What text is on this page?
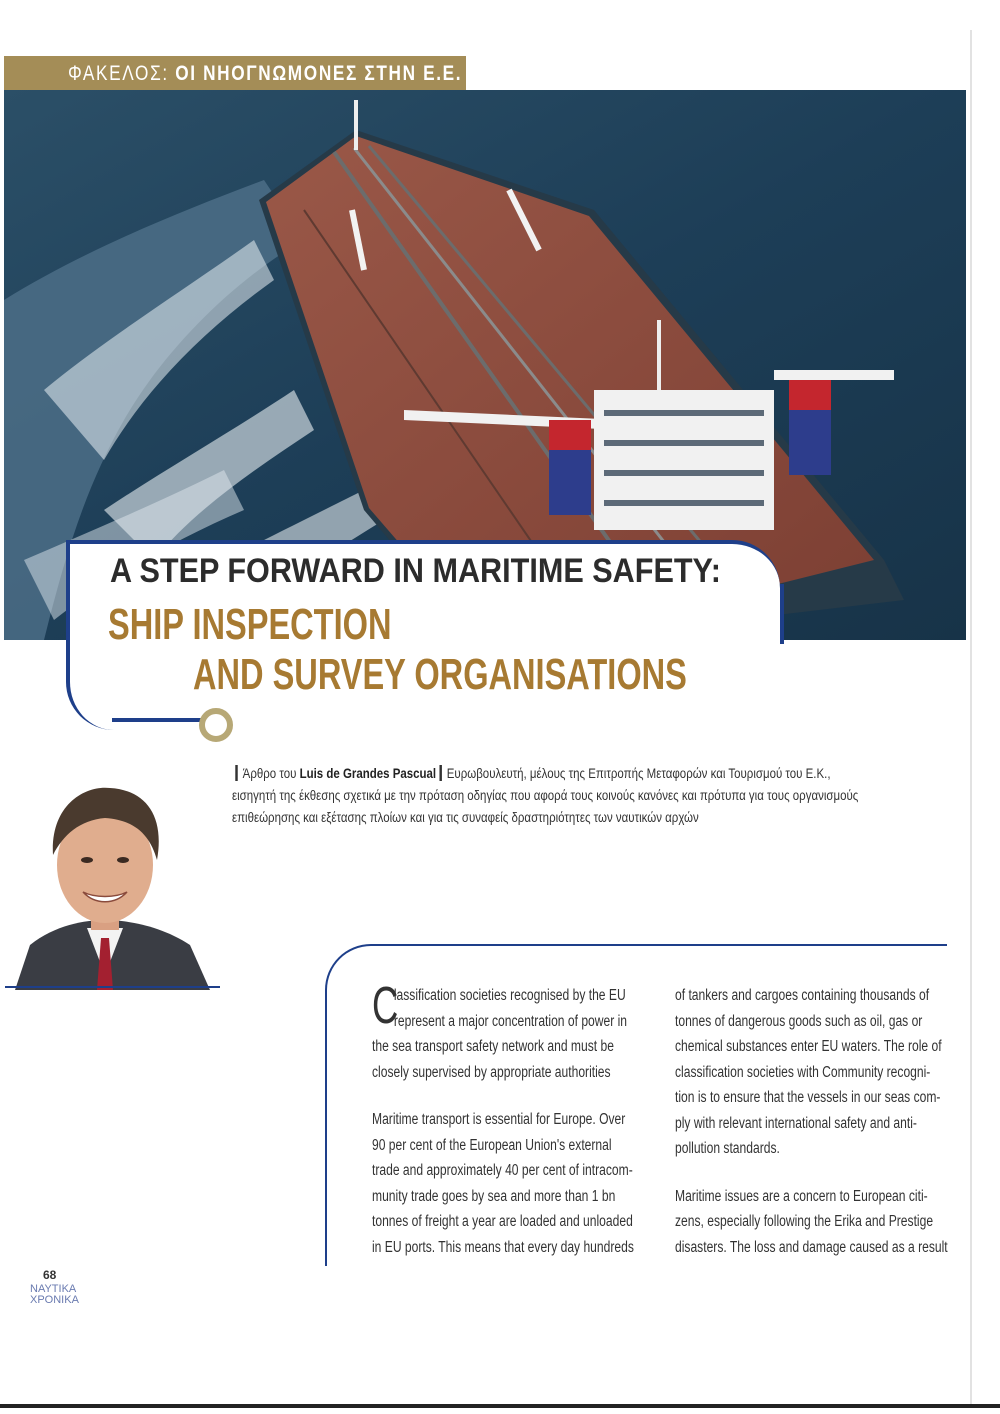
ΦΑΚΕΛΟΣ: ΟΙ ΝΗΟΓΝΩΜΟΝΕΣ ΣΤΗΝ Ε.Ε.
A STEP FORWARD IN MARITIME SAFETY:
SHIP INSPECTION
AND SURVEY ORGANISATIONS
Άρθρο του Luis de Grandes Pascual Ευρωβουλευτή, μέλους της Επιτροπής Μεταφορών και Τουρισμού του Ε.Κ.,
εισηγητή της έκθεσης σχετικά με την πρόταση οδηγίας που αφορά τους κοινούς κανόνες και πρότυπα για τους οργανισμούς
επιθεώρησης και εξέτασης πλοίων και για τις συναφείς δραστηριότητες των ναυτικών αρχών
C
lassification societies recognised by the EU
represent a major concentration of power in
the sea transport safety network and must be
closely supervised by appropriate authorities
Maritime transport is essential for Europe. Over
90 per cent of the European Union's external
trade and approximately 40 per cent of intracom-
munity trade goes by sea and more than 1 bn
tonnes of freight a year are loaded and unloaded
in EU ports. This means that every day hundreds
of tankers and cargoes containing thousands of
tonnes of dangerous goods such as oil, gas or
chemical substances enter EU waters. The role of
classification societies with Community recogni-
tion is to ensure that the vessels in our seas com-
ply with relevant international safety and anti-
pollution standards.
Maritime issues are a concern to European citi-
zens, especially following the Erika and Prestige
disasters. The loss and damage caused as a result
68
ΝΑΥΤΙΚΑ
ΧΡΟΝΙΚΑ
